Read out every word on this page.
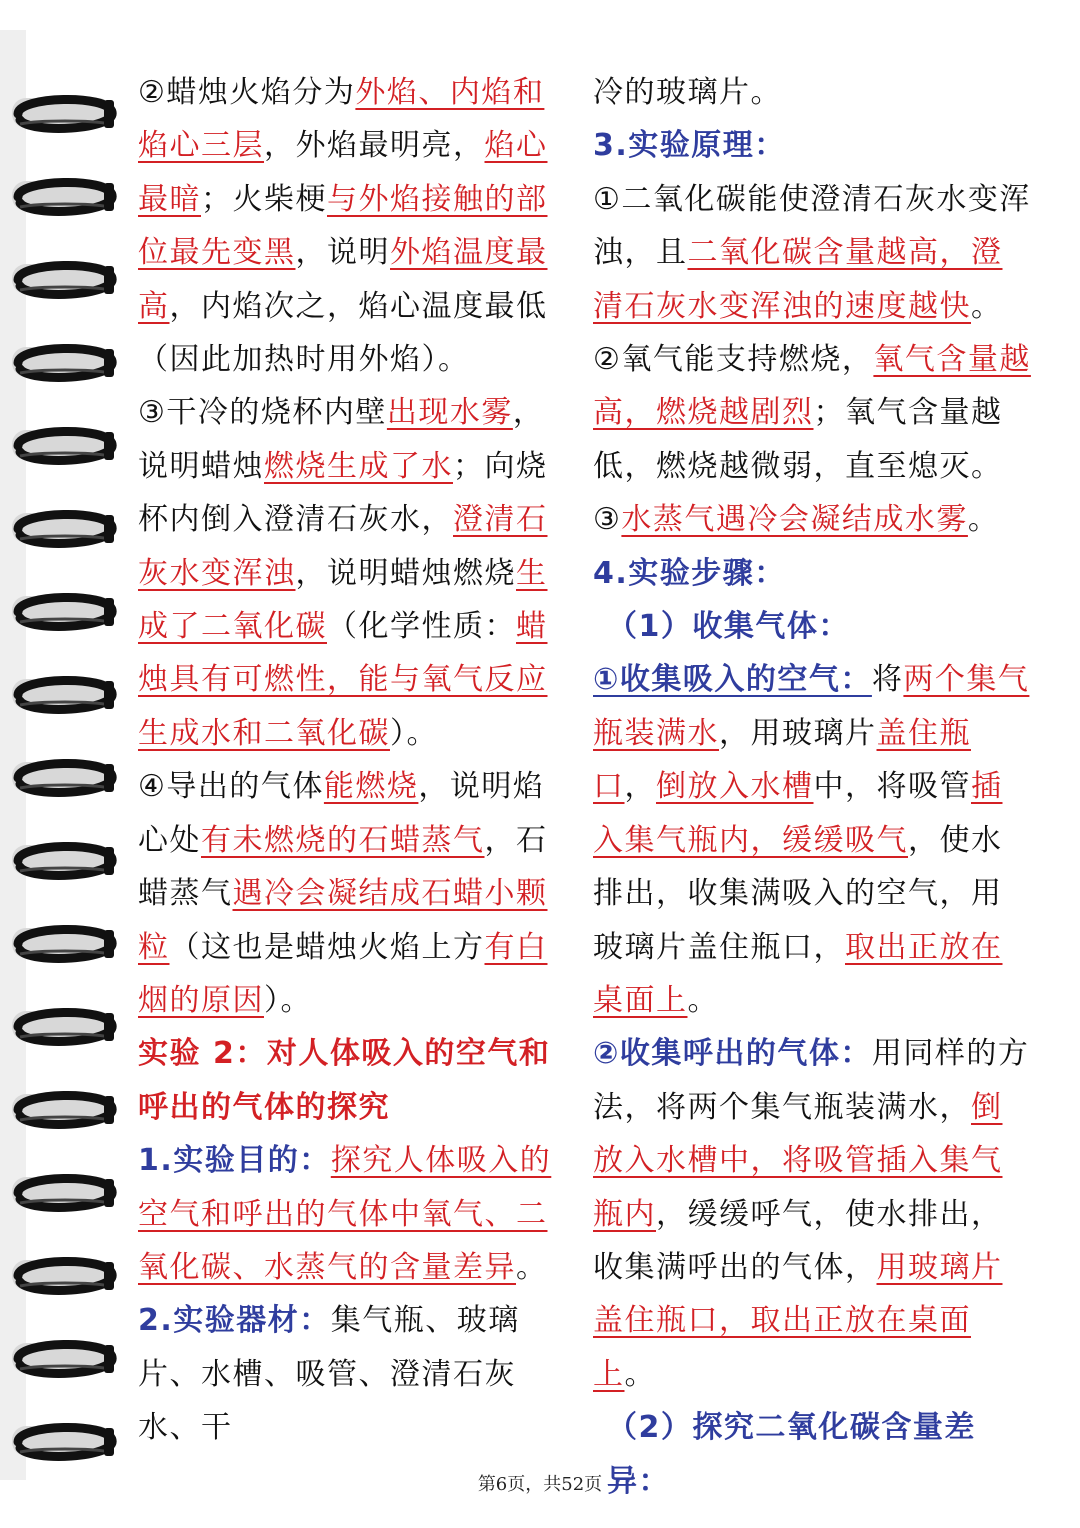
②蜡烛火焰分为外焰、内焰和焰心三层，外焰最明亮，焰心最暗；火柴梗与外焰接触的部位最先变黑，说明外焰温度最高，内焰次之，焰心温度最低（因此加热时用外焰）。

③干冷的烧杯内壁出现水雾，说明蜡烛燃烧生成了水；向烧杯内倒入澄清石灰水，澄清石灰水变浑浊，说明蜡烛燃烧生成了二氧化碳（化学性质：蜡烛具有可燃性，能与氧气反应生成水和二氧化碳）。

④导出的气体能燃烧，说明焰心处有未燃烧的石蜡蒸气，石蜡蒸气遇冷会凝结成石蜡小颗粒（这也是蜡烛火焰上方有白烟的原因）。

实验 2：对人体吸入的空气和呼出的气体的探究

1.实验目的：探究人体吸入的空气和呼出的气体中氧气、二氧化碳、水蒸气的含量差异。

2.实验器材：集气瓶、玻璃片、水槽、吸管、澄清石灰水、干

冷的玻璃片。

3.实验原理：

①二氧化碳能使澄清石灰水变浑浊，且二氧化碳含量越高，澄清石灰水变浑浊的速度越快。

②氧气能支持燃烧，氧气含量越高，燃烧越剧烈；氧气含量越低，燃烧越微弱，直至熄灭。

③水蒸气遇冷会凝结成水雾。

4.实验步骤：

（1）收集气体：

①收集吸入的空气：将两个集气瓶装满水，用玻璃片盖住瓶口，倒放入水槽中，将吸管插入集气瓶内，缓缓吸气，使水排出，收集满吸入的空气，用玻璃片盖住瓶口，取出正放在桌面上。

②收集呼出的气体：用同样的方法，将两个集气瓶装满水，倒放入水槽中，将吸管插入集气瓶内，缓缓呼气，使水排出，收集满呼出的气体，用玻璃片盖住瓶口，取出正放在桌面上。

（2）探究二氧化碳含量差异：

第6页，共52页
